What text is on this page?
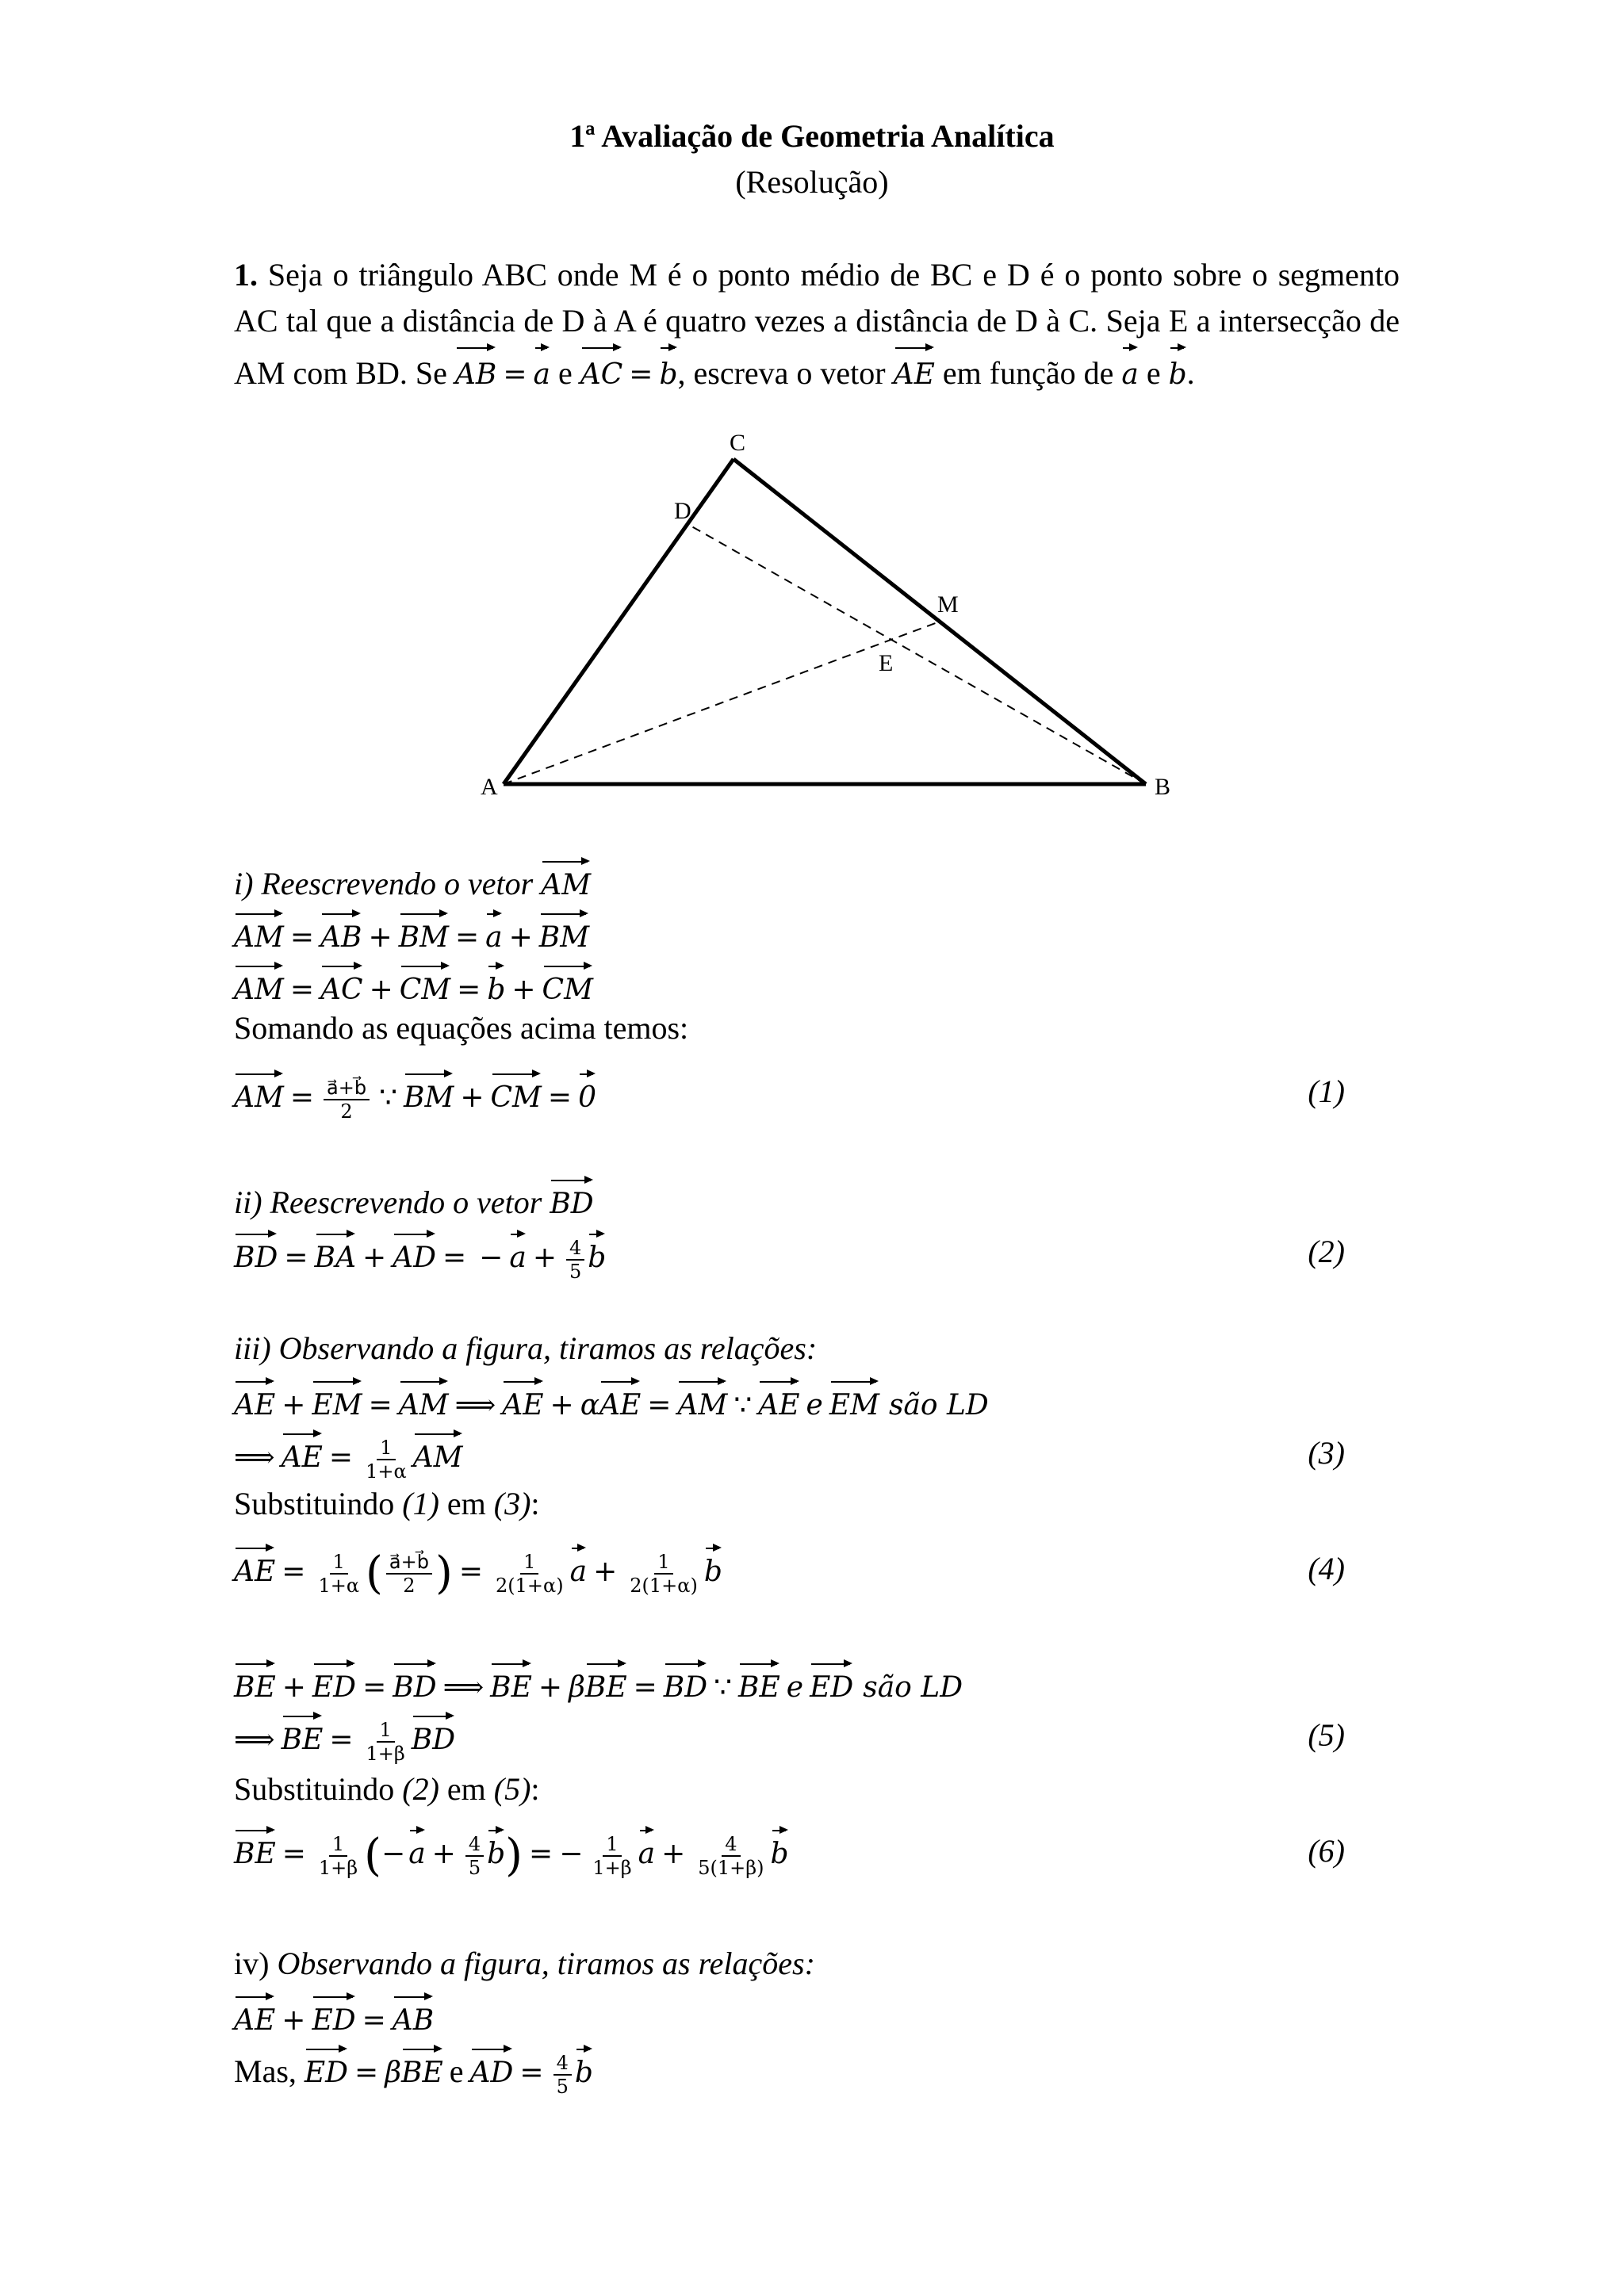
1ª Avaliação de Geometria Analítica
(Resolução)
1. Seja o triângulo ABC onde M é o ponto médio de BC e D é o ponto sobre o segmento AC tal que a distância de D à A é quatro vezes a distância de D à C. Seja E a intersecção de AM com BD. Se AB = a e AC = b, escreva o vetor AE em função de a e b.
A	B
C
D
M
E
i) Reescrevendo o vetor AM
AM = AB + BM = a + BM
AM = AC + CM = b + CM
Somando as equações acima temos:
AM = $\frac{a⃗+b⃗}{2}$ ∵ BM + CM = 0	(1)
ii) Reescrevendo o vetor BD
BD = BA + AD = − $a + \frac{4}{5}$ b	(2)
iii) Observando a figura, tiramos as relações:
AE + EM = AM ⟹ AE + αAE = AM ∵ AE e EM são LD
⟹ AE = $\frac{1}{1+\alpha}$ AM	(3)
Substituindo (1) em (3):
AE = $\frac{1}{1+\alpha}$ ( $\frac{a⃗+b⃗}{2}$ ) = $\frac{1}{2(1+\alpha)}$ $a + \frac{1}{2(1+\alpha)}$ b	(4)
BE + ED = BD ⟹ BE + βBE = BD ∵ BE e ED são LD
⟹ BE = $\frac{1}{1+\beta}$ BD	(5)
Substituindo (2) em (5):
BE = $\frac{1}{1+\beta}$ (− $a + \frac{4}{5} b$) = − $\frac{1}{1+\beta}$ $a + \frac{4}{5(1+\beta)}$ b	(6)
iv) Observando a figura, tiramos as relações:
AE + ED = AB
Mas, ED = βBE e AD = $\frac{4}{5}$ b
